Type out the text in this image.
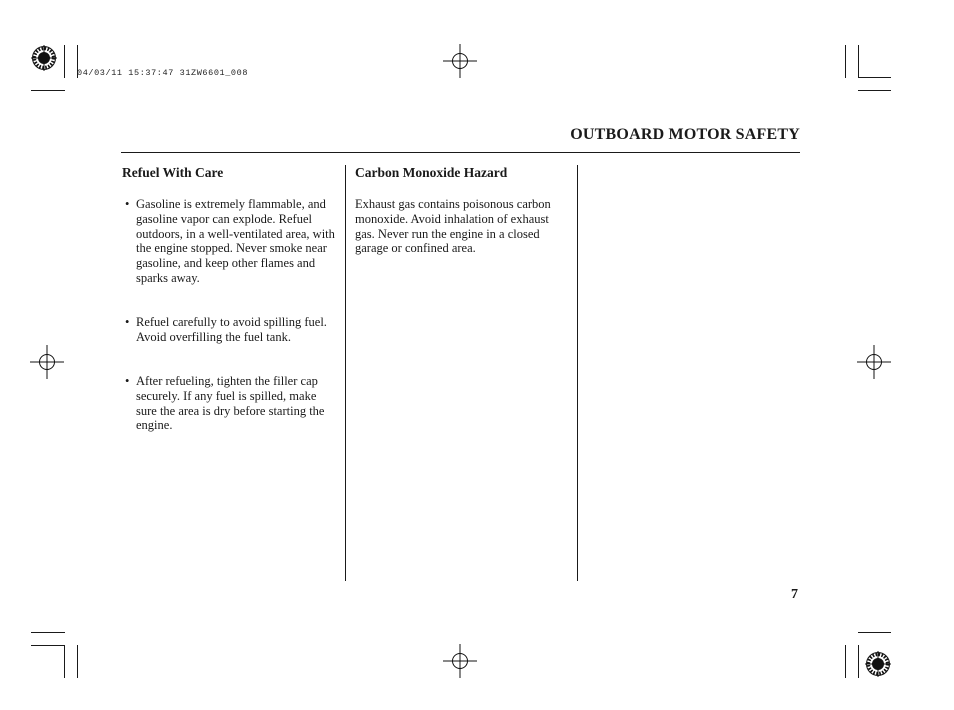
04/03/11 15:37:47 31ZW6601_008
OUTBOARD MOTOR SAFETY
Refuel With Care
• Gasoline is extremely flammable, and gasoline vapor can explode. Refuel outdoors, in a well-ventilated area, with the engine stopped. Never smoke near gasoline, and keep other flames and sparks away.
• Refuel carefully to avoid spilling fuel. Avoid overfilling the fuel tank.
• After refueling, tighten the filler cap securely. If any fuel is spilled, make sure the area is dry before starting the engine.
Carbon Monoxide Hazard
Exhaust gas contains poisonous carbon monoxide. Avoid inhalation of exhaust gas. Never run the engine in a closed garage or confined area.
7
